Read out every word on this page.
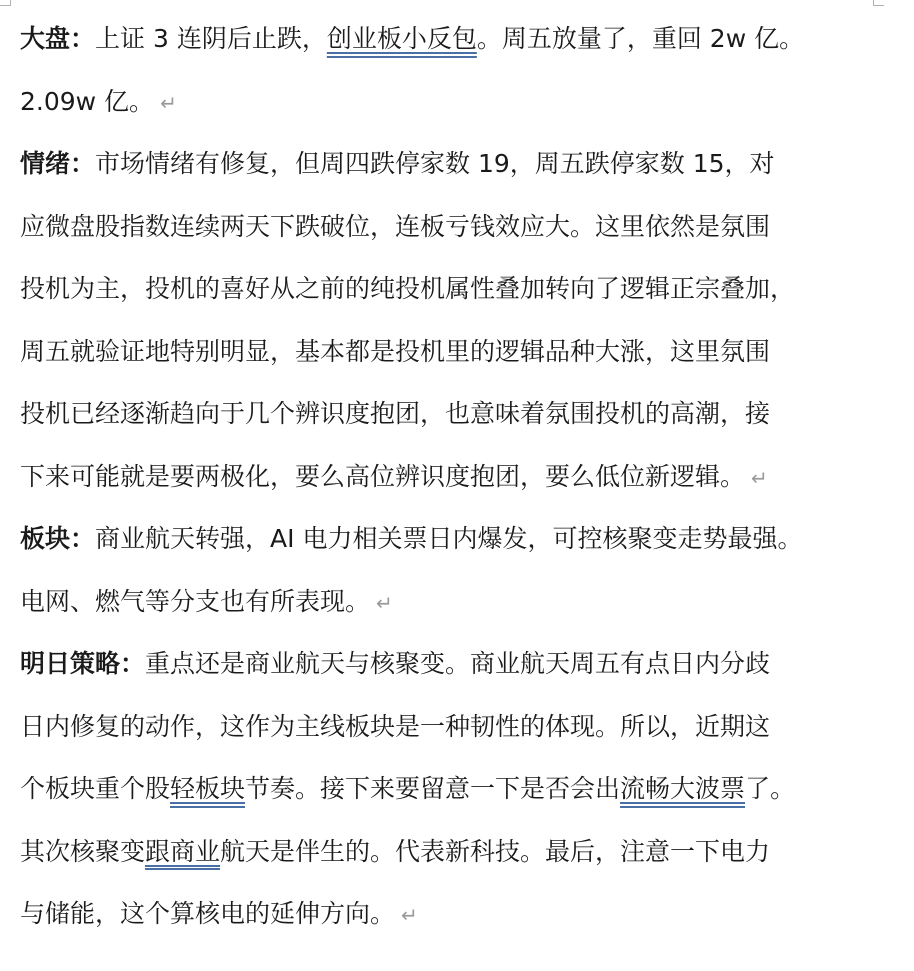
大盘：上证 3 连阴后止跌，创业板小反包。周五放量了，重回 2w 亿。
2.09w 亿。 ↵
情绪：市场情绪有修复，但周四跌停家数 19，周五跌停家数 15，对
应微盘股指数连续两天下跌破位，连板亏钱效应大。这里依然是氛围
投机为主，投机的喜好从之前的纯投机属性叠加转向了逻辑正宗叠加，
周五就验证地特别明显，基本都是投机里的逻辑品种大涨，这里氛围
投机已经逐渐趋向于几个辨识度抱团，也意味着氛围投机的高潮，接
下来可能就是要两极化，要么高位辨识度抱团，要么低位新逻辑。 ↵
板块：商业航天转强，AI 电力相关票日内爆发，可控核聚变走势最强。
电网、燃气等分支也有所表现。 ↵
明日策略：重点还是商业航天与核聚变。商业航天周五有点日内分歧
日内修复的动作，这作为主线板块是一种韧性的体现。所以，近期这
个板块重个股轻板块节奏。接下来要留意一下是否会出流畅大波票了。
其次核聚变跟商业航天是伴生的。代表新科技。最后，注意一下电力
与储能，这个算核电的延伸方向。 ↵
